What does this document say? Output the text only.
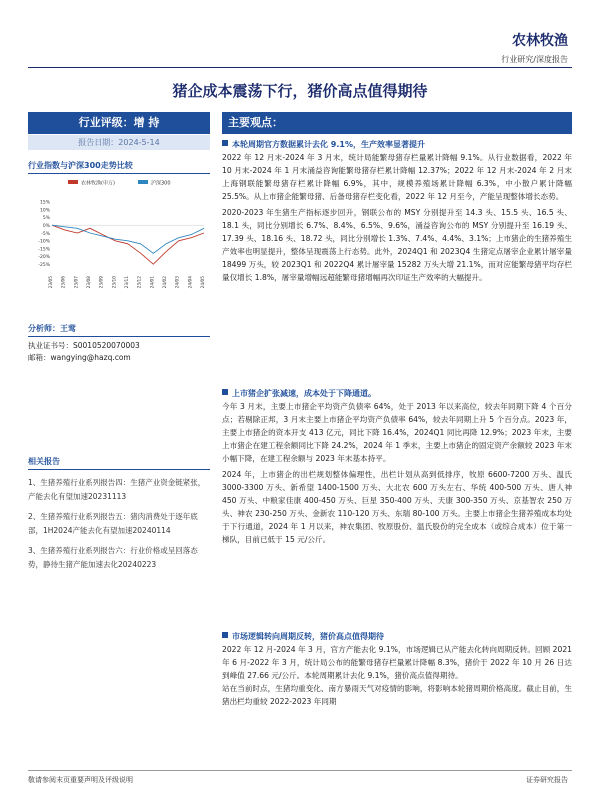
农林牧渔
行业研究/深度报告
猪企成本震荡下行，猪价高点值得期待
行业评级：增 持
报告日期：2024-5-14
行业指数与沪深300走势比较
农林牧渔(申万)	沪深300
15%
10%
5%
0%
-5%
-10%
-15%
-20%
-25%
23/05 23/06 23/07 23/08 23/09 23/10 23/11 23/12 24/01 24/02 24/03 24/04 24/05
分析师：王莺
执业证书号：S0010520070003
邮箱：wangying@hazq.com
相关报告
1、生猪养殖行业系列报告四：生猪产业资金链紧张，产能去化有望加速20231113
2、生猪养殖行业系列报告五：猪肉消费处于逐年底部，1H2024产能去化有望加速20240114
3、生猪养殖行业系列报告六：行业价格或呈回落态势，静待生猪产能加速去化20240223
主要观点：
本轮周期官方数据累计去化 9.1%，生产效率显著提升
2022 年 12 月末-2024 年 3 月末，统计局能繁母猪存栏量累计降幅 9.1%。从行业数据看，2022 年 10 月末-2024 年 1 月末涌益咨询能繁母猪存栏累计降幅 12.37%；2022 年 12 月末-2024 年 2 月末上海钢联能繁母猪存栏累计降幅 6.9%，其中，规模养殖场累计降幅 6.3%，中小散户累计降幅 25.5%。从上市猪企能繁母猪、后备母猪存栏变化看，2022 年 12 月至今，产能呈现整体增长态势。
2020-2023 年生猪生产指标逐步回升，钢联公布的 MSY 分别提升至 14.3 头、15.5 头、16.5 头、18.1 头，同比分别增长 6.7%、8.4%、6.5%、9.6%，涌益咨询公布的 MSY 分别提升至 16.19 头、17.39 头、18.16 头、18.72 头，同比分别增长 1.3%、7.4%、4.4%、3.1%；上市猪企的生猪养殖生产效率也明显提升，整体呈现震荡上行态势。此外，2024Q1 和 2023Q4 生猪定点屠宰企业累计屠宰量 18499 万头，较 2023Q1 和 2022Q4 累计屠宰量 15282 万头大增 21.1%，而对应能繁母猪平均存栏量仅增长 1.8%，屠宰量增幅远超能繁母猪增幅再次印证生产效率的大幅提升。
上市猪企扩张减速，成本处于下降通道。
今年 3 月末，主要上市猪企平均资产负债率 64%，处于 2013 年以来高位，较去年同期下降 4 个百分点；若剔除正邦，3 月末主要上市猪企平均资产负债率 64%，较去年同期上升 5 个百分点。2023 年，主要上市猪企的资本开支 413 亿元，同比下降 16.4%，2024Q1 同比再降 12.9%；2023 年末，主要上市猪企在建工程余额同比下降 24.2%，2024 年 1 季末，主要上市猪企的固定资产余额较 2023 年末小幅下降，在建工程余额与 2023 年末基本持平。
2024 年，上市猪企的出栏规划整体偏理性，出栏计划从高到低排序，牧原 6600-7200 万头、温氏 3000-3300 万头、新希望 1400-1500 万头、大北农 600 万头左右、华统 400-500 万头、唐人神 450 万头、中粮家佳康 400-450 万头、巨星 350-400 万头、天康 300-350 万头、京基智农 250 万头、神农 230-250 万头、金新农 110-120 万头、东瑞 80-100 万头。主要上市猪企生猪养殖成本均处于下行通道，2024 年 1 月以来，神农集团、牧原股份、温氏股份的完全成本（或综合成本）位于第一梯队，目前已低于 15 元/公斤。
市场逻辑转向周期反转，猪价高点值得期待
2022 年 12 月-2024 年 3 月，官方产能去化 9.1%，市场逻辑已从产能去化转向周期反转。回顾 2021 年 6 月-2022 年 3 月，统计局公布的能繁母猪存栏量累计降幅 8.3%，猪价于 2022 年 10 月 26 日达到峰值 27.66 元/公斤。本轮周期累计去化 9.1%，猪价高点值得期待。
站在当前时点，生猪均重变化、南方暴雨天气对疫情的影响，将影响本轮猪周期价格高度。截止目前，生猪出栏均重较 2022-2023 年同期
敬请参阅末页重要声明及评级说明	证券研究报告
